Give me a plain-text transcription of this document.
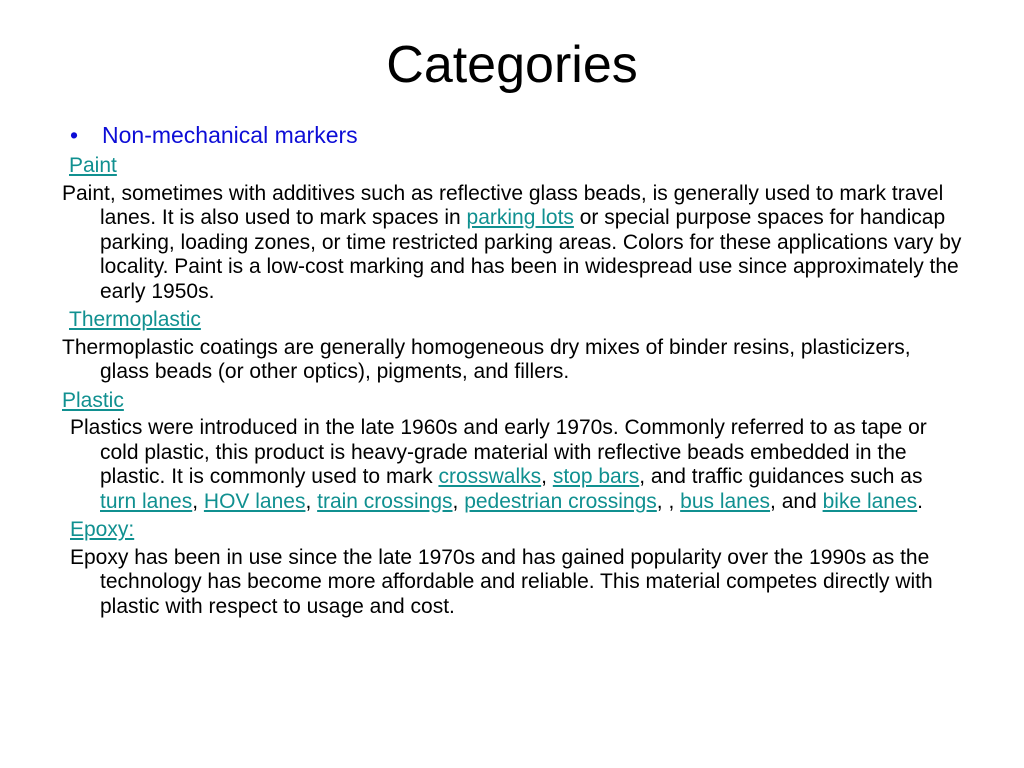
Categories
• Non-mechanical markers
Paint
Paint, sometimes with additives such as reflective glass beads, is generally used to mark travel lanes. It is also used to mark spaces in parking lots or special purpose spaces for handicap parking, loading zones, or time restricted parking areas. Colors for these applications vary by locality. Paint is a low-cost marking and has been in widespread use since approximately the early 1950s.
Thermoplastic
Thermoplastic coatings are generally homogeneous dry mixes of binder resins, plasticizers, glass beads (or other optics), pigments, and fillers.
Plastic
Plastics were introduced in the late 1960s and early 1970s. Commonly referred to as tape or cold plastic, this product is heavy-grade material with reflective beads embedded in the plastic. It is commonly used to mark crosswalks, stop bars, and traffic guidances such as turn lanes, HOV lanes, train crossings, pedestrian crossings, , bus lanes, and bike lanes.
Epoxy:
Epoxy has been in use since the late 1970s and has gained popularity over the 1990s as the technology has become more affordable and reliable. This material competes directly with plastic with respect to usage and cost.
